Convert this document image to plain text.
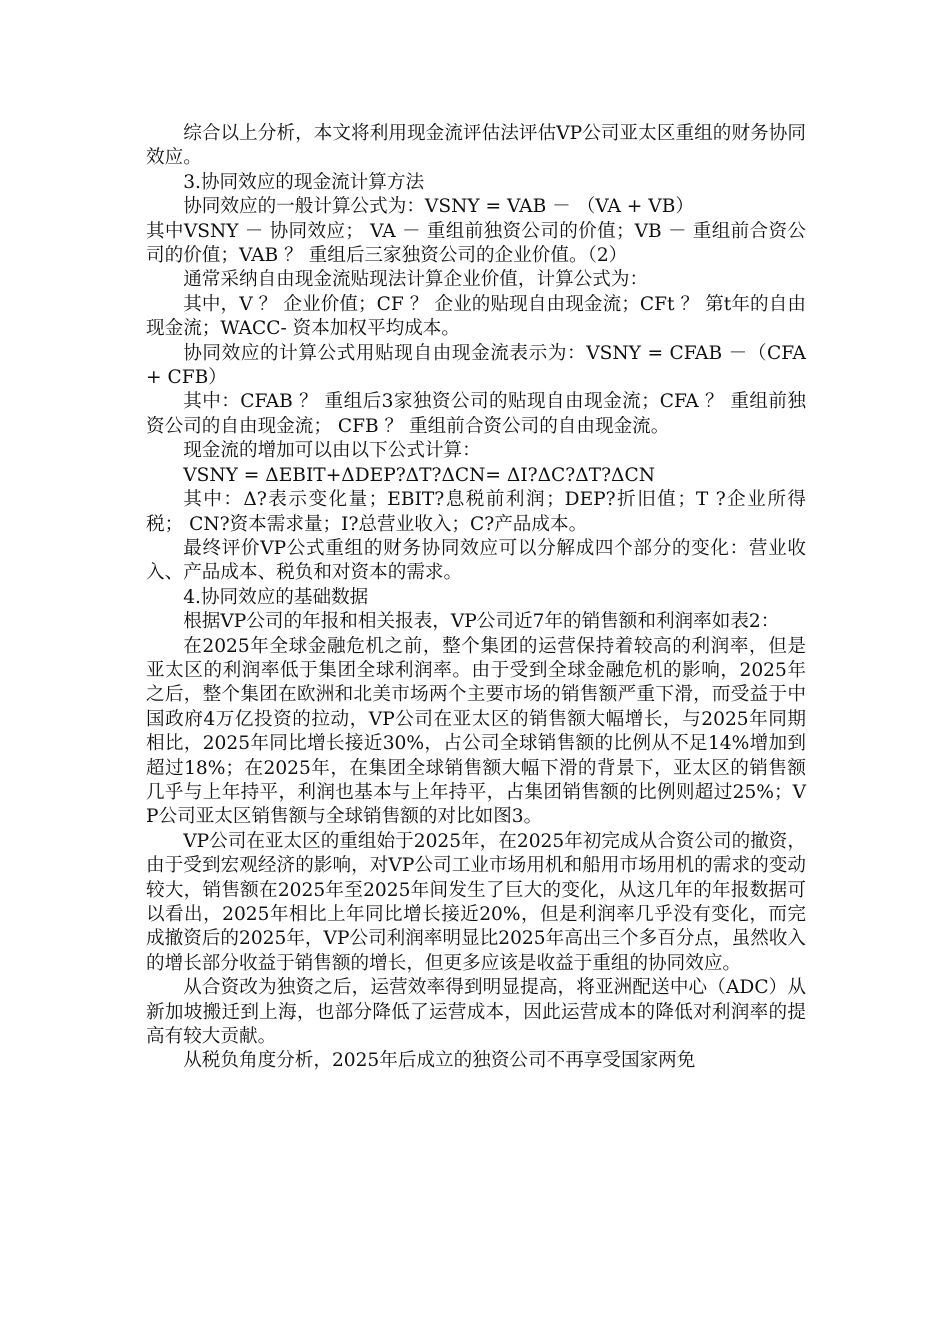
综合以上分析，本文将利用现金流评估法评估VP公司亚太区重组的财务协同效应。

3.协同效应的现金流计算方法

协同效应的一般计算公式为：VSNY = VAB － （VA + VB）

其中VSNY － 协同效应； VA － 重组前独资公司的价值；VB － 重组前合资公司的价值；VAB ？ 重组后三家独资公司的企业价值。（2）

通常采纳自由现金流贴现法计算企业价值，计算公式为：

其中，V ？ 企业价值；CF ？ 企业的贴现自由现金流；CFt ？ 第t年的自由现金流；WACC- 资本加权平均成本。

协同效应的计算公式用贴现自由现金流表示为：VSNY = CFAB －（CFA + CFB）

其中：CFAB ？ 重组后3家独资公司的贴现自由现金流；CFA ？ 重组前独资公司的自由现金流； CFB ？ 重组前合资公司的自由现金流。

现金流的增加可以由以下公式计算：

VSNY = ΔEBIT+ΔDEP?ΔT?ΔCN= ΔI?ΔC?ΔT?ΔCN

其中：Δ?表示变化量；EBIT?息税前利润；DEP?折旧值；T ?企业所得税； CN?资本需求量；I?总营业收入；C?产品成本。

最终评价VP公式重组的财务协同效应可以分解成四个部分的变化：营业收入、产品成本、税负和对资本的需求。

4.协同效应的基础数据

根据VP公司的年报和相关报表，VP公司近7年的销售额和利润率如表2：

在2025年全球金融危机之前，整个集团的运营保持着较高的利润率，但是亚太区的利润率低于集团全球利润率。由于受到全球金融危机的影响，2025年之后，整个集团在欧洲和北美市场两个主要市场的销售额严重下滑，而受益于中国政府4万亿投资的拉动，VP公司在亚太区的销售额大幅增长，与2025年同期相比，2025年同比增长接近30%，占公司全球销售额的比例从不足14%增加到超过18%；在2025年，在集团全球销售额大幅下滑的背景下，亚太区的销售额几乎与上年持平，利润也基本与上年持平，占集团销售额的比例则超过25%；VP公司亚太区销售额与全球销售额的对比如图3。

VP公司在亚太区的重组始于2025年，在2025年初完成从合资公司的撤资，由于受到宏观经济的影响，对VP公司工业市场用机和船用市场用机的需求的变动较大，销售额在2025年至2025年间发生了巨大的变化，从这几年的年报数据可以看出，2025年相比上年同比增长接近20%，但是利润率几乎没有变化，而完成撤资后的2025年，VP公司利润率明显比2025年高出三个多百分点，虽然收入的增长部分收益于销售额的增长，但更多应该是收益于重组的协同效应。

从合资改为独资之后，运营效率得到明显提高，将亚洲配送中心（ADC）从新加坡搬迁到上海，也部分降低了运营成本，因此运营成本的降低对利润率的提高有较大贡献。

从税负角度分析，2025年后成立的独资公司不再享受国家两免
